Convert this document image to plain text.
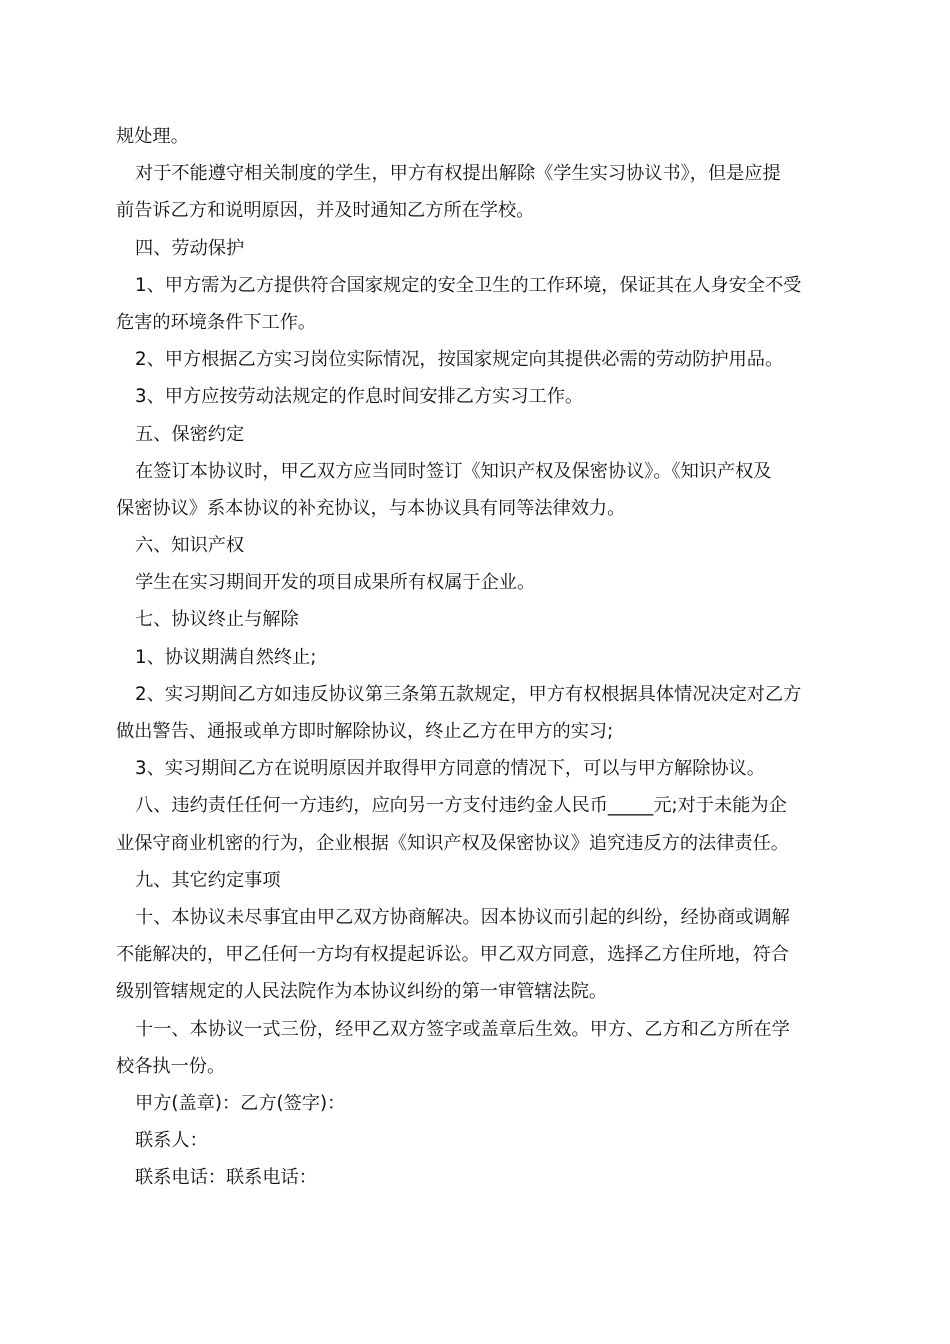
规处理。
对于不能遵守相关制度的学生，甲方有权提出解除《学生实习协议书》，但是应提
前告诉乙方和说明原因，并及时通知乙方所在学校。
四、劳动保护
1、甲方需为乙方提供符合国家规定的安全卫生的工作环境，保证其在人身安全不受
危害的环境条件下工作。
2、甲方根据乙方实习岗位实际情况，按国家规定向其提供必需的劳动防护用品。
3、甲方应按劳动法规定的作息时间安排乙方实习工作。
五、保密约定
在签订本协议时，甲乙双方应当同时签订《知识产权及保密协议》。《知识产权及
保密协议》系本协议的补充协议，与本协议具有同等法律效力。
六、知识产权
学生在实习期间开发的项目成果所有权属于企业。
七、协议终止与解除
1、协议期满自然终止;
2、实习期间乙方如违反协议第三条第五款规定，甲方有权根据具体情况决定对乙方
做出警告、通报或单方即时解除协议，终止乙方在甲方的实习;
3、实习期间乙方在说明原因并取得甲方同意的情况下，可以与甲方解除协议。
八、违约责任任何一方违约，应向另一方支付违约金人民币_____元;对于未能为企
业保守商业机密的行为，企业根据《知识产权及保密协议》追究违反方的法律责任。
九、其它约定事项
十、本协议未尽事宜由甲乙双方协商解决。因本协议而引起的纠纷，经协商或调解
不能解决的，甲乙任何一方均有权提起诉讼。甲乙双方同意，选择乙方住所地，符合
级别管辖规定的人民法院作为本协议纠纷的第一审管辖法院。
十一、本协议一式三份，经甲乙双方签字或盖章后生效。甲方、乙方和乙方所在学
校各执一份。
甲方(盖章)：乙方(签字)：
联系人：
联系电话：联系电话：
